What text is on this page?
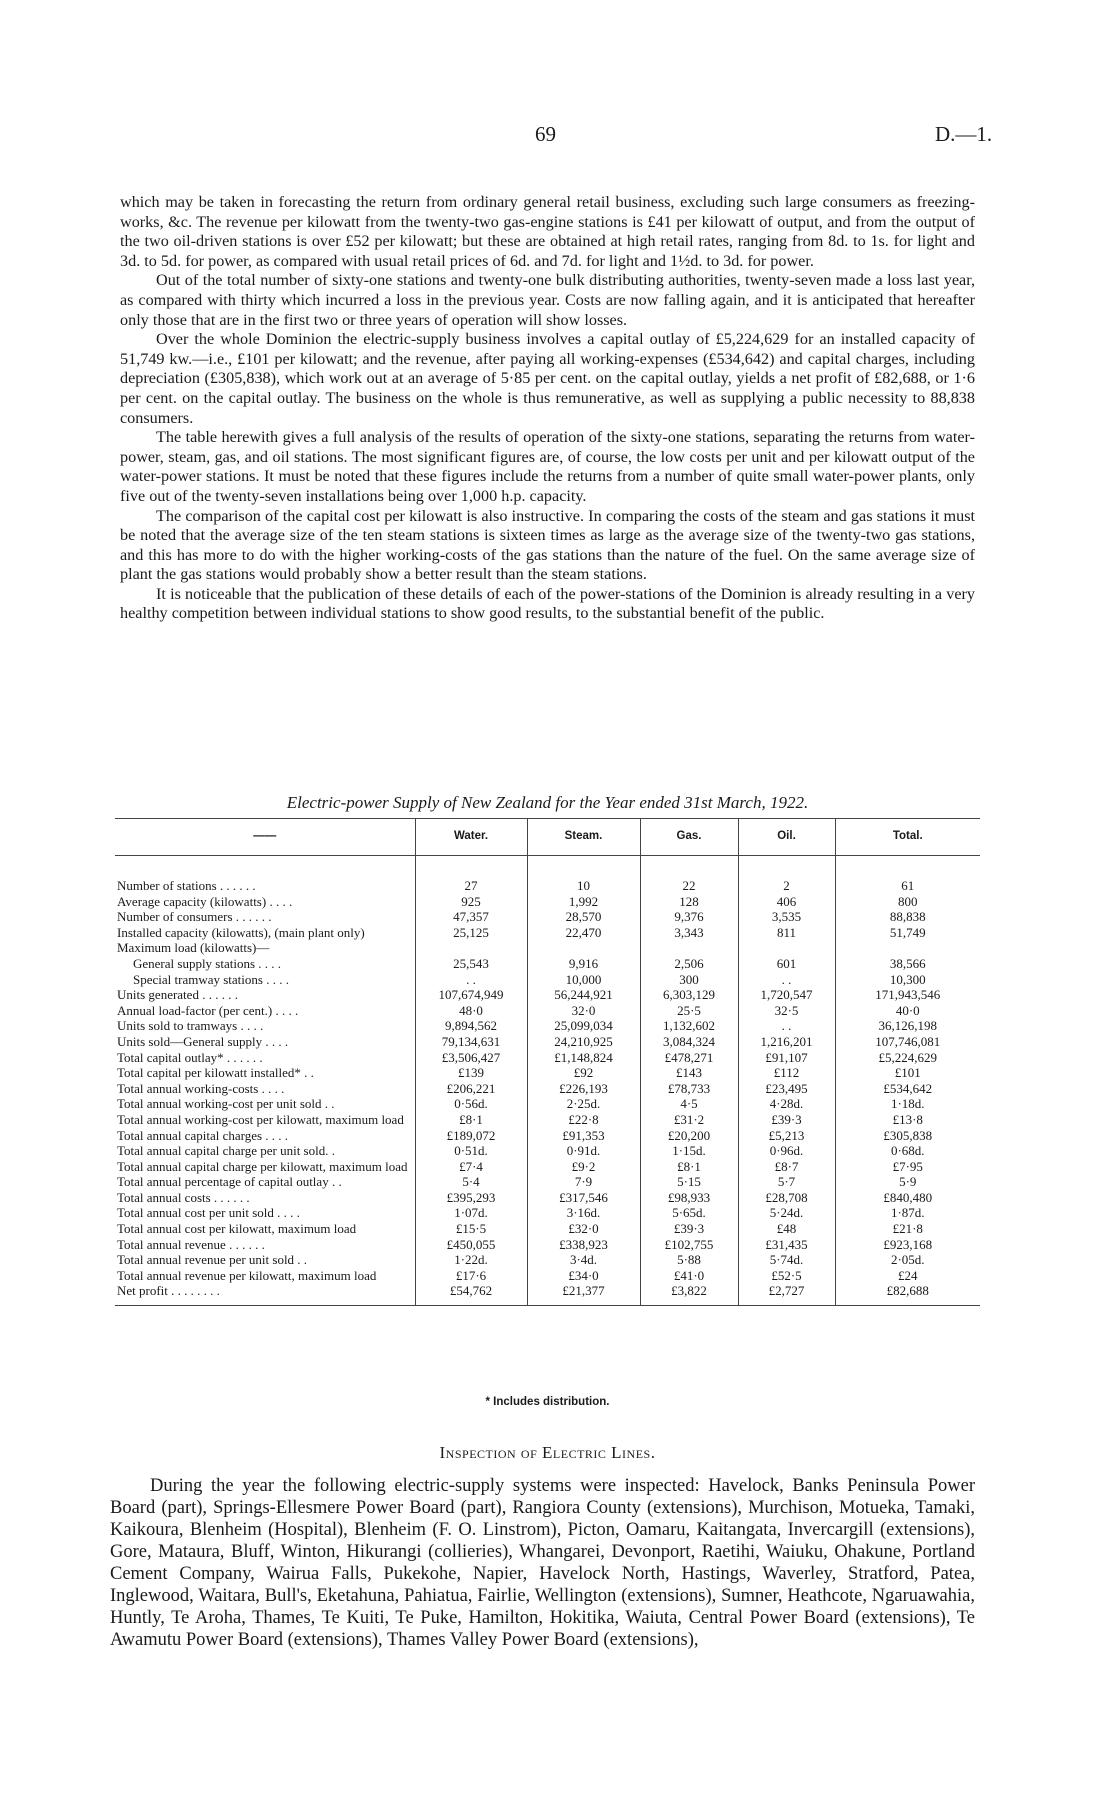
69	D.—1.

which may be taken in forecasting the return from ordinary general retail business, excluding such large consumers as freezing-works, &c. The revenue per kilowatt from the twenty-two gas-engine stations is £41 per kilowatt of output, and from the output of the two oil-driven stations is over £52 per kilowatt; but these are obtained at high retail rates, ranging from 8d. to 1s. for light and 3d. to 5d. for power, as compared with usual retail prices of 6d. and 7d. for light and 1½d. to 3d. for power.

Out of the total number of sixty-one stations and twenty-one bulk distributing authorities, twenty-seven made a loss last year, as compared with thirty which incurred a loss in the previous year. Costs are now falling again, and it is anticipated that hereafter only those that are in the first two or three years of operation will show losses.

Over the whole Dominion the electric-supply business involves a capital outlay of £5,224,629 for an installed capacity of 51,749 kw.—i.e., £101 per kilowatt; and the revenue, after paying all working-expenses (£534,642) and capital charges, including depreciation (£305,838), which work out at an average of 5·85 per cent. on the capital outlay, yields a net profit of £82,688, or 1·6 per cent. on the capital outlay. The business on the whole is thus remunerative, as well as supplying a public necessity to 88,838 consumers.

The table herewith gives a full analysis of the results of operation of the sixty-one stations, separating the returns from water-power, steam, gas, and oil stations. The most significant figures are, of course, the low costs per unit and per kilowatt output of the water-power stations. It must be noted that these figures include the returns from a number of quite small water-power plants, only five out of the twenty-seven installations being over 1,000 h.p. capacity.

The comparison of the capital cost per kilowatt is also instructive. In comparing the costs of the steam and gas stations it must be noted that the average size of the ten steam stations is sixteen times as large as the average size of the twenty-two gas stations, and this has more to do with the higher working-costs of the gas stations than the nature of the fuel. On the same average size of plant the gas stations would probably show a better result than the steam stations.

It is noticeable that the publication of these details of each of the power-stations of the Dominion is already resulting in a very healthy competition between individual stations to show good results, to the substantial benefit of the public.

Electric-power Supply of New Zealand for the Year ended 31st March, 1922.
——	Water.	Steam.	Gas.	Oil.	Total.

Number of stations . . . . . .	27	10	22	2	61
Average capacity (kilowatts) . . . .	925	1,992	128	406	800
Number of consumers . . . . . .	47,357	28,570	9,376	3,535	88,838
Installed capacity (kilowatts), (main plant only)	25,125	22,470	3,343	811	51,749
Maximum load (kilowatts)—					
General supply stations . . . .	25,543	9,916	2,506	601	38,566
Special tramway stations . . . .	. .	10,000	300	. .	10,300
Units generated . . . . . .	107,674,949	56,244,921	6,303,129	1,720,547	171,943,546
Annual load-factor (per cent.) . . . .	48·0	32·0	25·5	32·5	40·0
Units sold to tramways . . . .	9,894,562	25,099,034	1,132,602	. .	36,126,198
Units sold—General supply . . . .	79,134,631	24,210,925	3,084,324	1,216,201	107,746,081
Total capital outlay* . . . . . .	£3,506,427	£1,148,824	£478,271	£91,107	£5,224,629
Total capital per kilowatt installed* . .	£139	£92	£143	£112	£101
Total annual working-costs . . . .	£206,221	£226,193	£78,733	£23,495	£534,642
Total annual working-cost per unit sold . .	0·56d.	2·25d.	4·5	4·28d.	1·18d.
Total annual working-cost per kilowatt, maximum load	£8·1	£22·8	£31·2	£39·3	£13·8
Total annual capital charges . . . .	£189,072	£91,353	£20,200	£5,213	£305,838
Total annual capital charge per unit sold. .	0·51d.	0·91d.	1·15d.	0·96d.	0·68d.
Total annual capital charge per kilowatt, maximum load	£7·4	£9·2	£8·1	£8·7	£7·95
Total annual percentage of capital outlay . .	5·4	7·9	5·15	5·7	5·9
Total annual costs . . . . . .	£395,293	£317,546	£98,933	£28,708	£840,480
Total annual cost per unit sold . . . .	1·07d.	3·16d.	5·65d.	5·24d.	1·87d.
Total annual cost per kilowatt, maximum load	£15·5	£32·0	£39·3	£48	£21·8
Total annual revenue . . . . . .	£450,055	£338,923	£102,755	£31,435	£923,168
Total annual revenue per unit sold . .	1·22d.	3·4d.	5·88	5·74d.	2·05d.
Total annual revenue per kilowatt, maximum load	£17·6	£34·0	£41·0	£52·5	£24
Net profit . . . . . . . .	£54,762	£21,377	£3,822	£2,727	£82,688
* Includes distribution.
Inspection of Electric Lines.

During the year the following electric-supply systems were inspected: Havelock, Banks Peninsula Power Board (part), Springs-Ellesmere Power Board (part), Rangiora County (extensions), Murchison, Motueka, Tamaki, Kaikoura, Blenheim (Hospital), Blenheim (F. O. Linstrom), Picton, Oamaru, Kaitangata, Invercargill (extensions), Gore, Mataura, Bluff, Winton, Hikurangi (collieries), Whangarei, Devonport, Raetihi, Waiuku, Ohakune, Portland Cement Company, Wairua Falls, Pukekohe, Napier, Havelock North, Hastings, Waverley, Stratford, Patea, Inglewood, Waitara, Bull's, Eketahuna, Pahiatua, Fairlie, Wellington (extensions), Sumner, Heathcote, Ngaruawahia, Huntly, Te Aroha, Thames, Te Kuiti, Te Puke, Hamilton, Hokitika, Waiuta, Central Power Board (extensions), Te Awamutu Power Board (extensions), Thames Valley Power Board (extensions),
